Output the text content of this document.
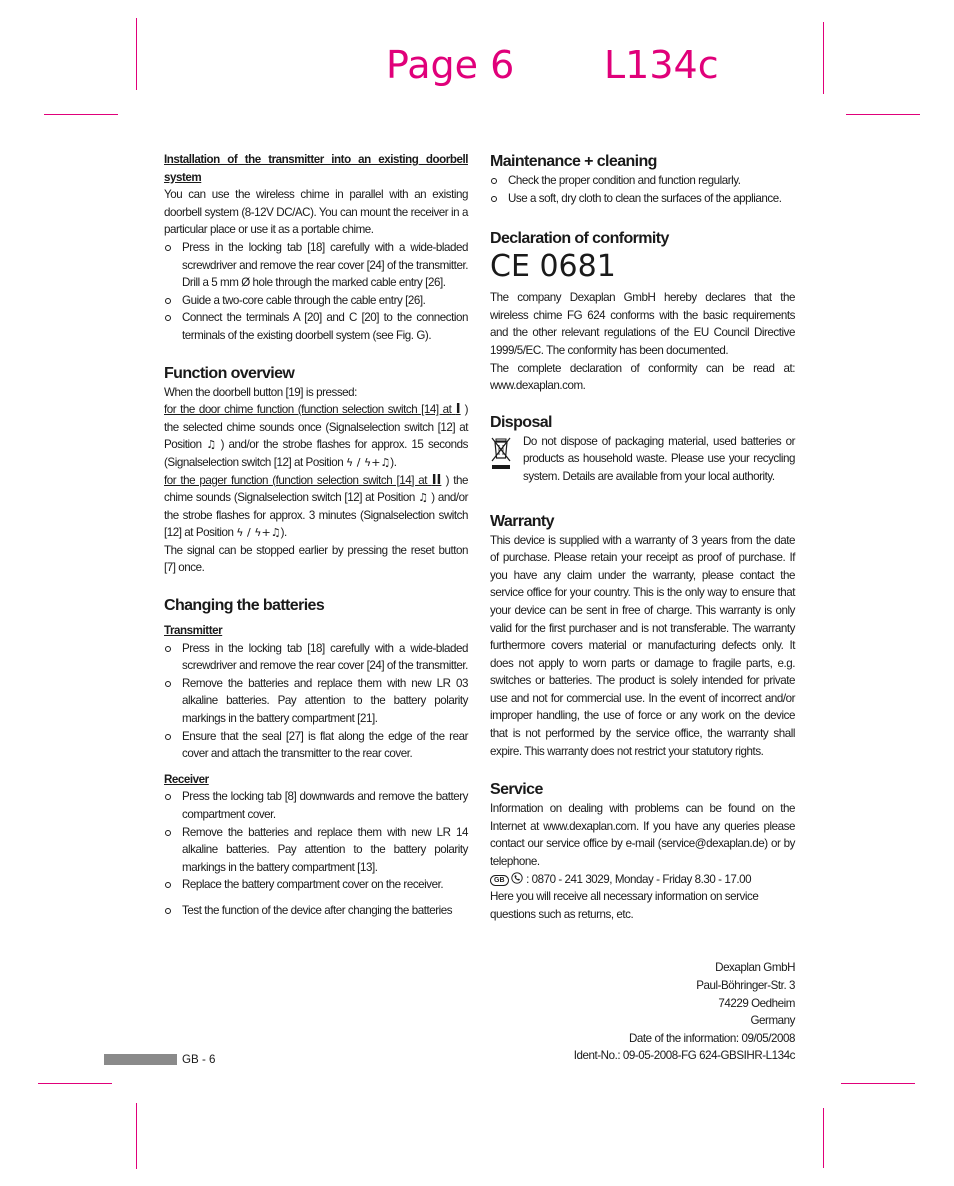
Page 6 L134c

Installation of the transmitter into an existing doorbell system

You can use the wireless chime in parallel with an existing doorbell system (8-12V DC/AC). You can mount the receiver in a particular place or use it as a portable chime.

Press in the locking tab [18] carefully with a wide-bladed screwdriver and remove the rear cover [24] of the transmitter. Drill a 5 mm Ø hole through the marked cable entry [26].
Guide a two-core cable through the cable entry [26].
Connect the terminals A [20] and C [20] to the connection terminals of the existing doorbell system (see Fig. G).

Function overview

When the doorbell button [19] is pressed:

for the door chime function (function selection switch [14] at I ) the selected chime sounds once (Signalselection switch [12] at Position ♫ ) and/or the strobe flashes for approx. 15 seconds (Signalselection switch [12] at Position ϟ / ϟ+♫).

for the pager function (function selection switch [14] at II ) the chime sounds (Signalselection switch [12] at Position ♫ ) and/or the strobe flashes for approx. 3 minutes (Signalselection switch [12] at Position ϟ / ϟ+♫).

The signal can be stopped earlier by pressing the reset button [7] once.

Changing the batteries

Transmitter

Press in the locking tab [18] carefully with a wide-bladed screwdriver and remove the rear cover [24] of the transmitter.
Remove the batteries and replace them with new LR 03 alkaline batteries. Pay attention to the battery polarity markings in the battery compartment [21].
Ensure that the seal [27] is flat along the edge of the rear cover and attach the transmitter to the rear cover.

Receiver

Press the locking tab [8] downwards and remove the battery compartment cover.
Remove the batteries and replace them with new LR 14 alkaline batteries. Pay attention to the battery polarity markings in the battery compartment [13].
Replace the battery compartment cover on the receiver.
Test the function of the device after changing the batteries
GB - 6

Maintenance + cleaning

Check the proper condition and function regularly.
Use a soft, dry cloth to clean the surfaces of the appliance.

Declaration of conformity

CE 0681

The company Dexaplan GmbH hereby declares that the wireless chime FG 624 conforms with the basic requirements and the other relevant regulations of the EU Council Directive 1999/5/EC. The conformity has been documented.

The complete declaration of conformity can be read at: www.dexaplan.com.

Disposal

Do not dispose of packaging material, used batteries or products as household waste. Please use your recycling system. Details are available from your local authority.

Warranty

This device is supplied with a warranty of 3 years from the date of purchase. Please retain your receipt as proof of purchase. If you have any claim under the warranty, please contact the service office for your country. This is the only way to ensure that your device can be sent in free of charge. This warranty is only valid for the first purchaser and is not transferable. The warranty furthermore covers material or manufacturing defects only. It does not apply to worn parts or damage to fragile parts, e.g. switches or batteries. The product is solely intended for private use and not for commercial use. In the event of incorrect and/or improper handling, the use of force or any work on the device that is not performed by the service office, the warranty shall expire. This warranty does not restrict your statutory rights.

Service

Information on dealing with problems can be found on the Internet at www.dexaplan.com. If you have any queries please contact our service office by e-mail (service@dexaplan.de) or by telephone.

GB : 0870 - 241 3029, Monday - Friday 8.30 - 17.00

Here you will receive all necessary information on service questions such as returns, etc.

Dexaplan GmbH

Paul-Böhringer-Str. 3

74229 Oedheim

Germany

Date of the information: 09/05/2008

Ident-No.: 09-05-2008-FG 624-GBSIHR-L134c
